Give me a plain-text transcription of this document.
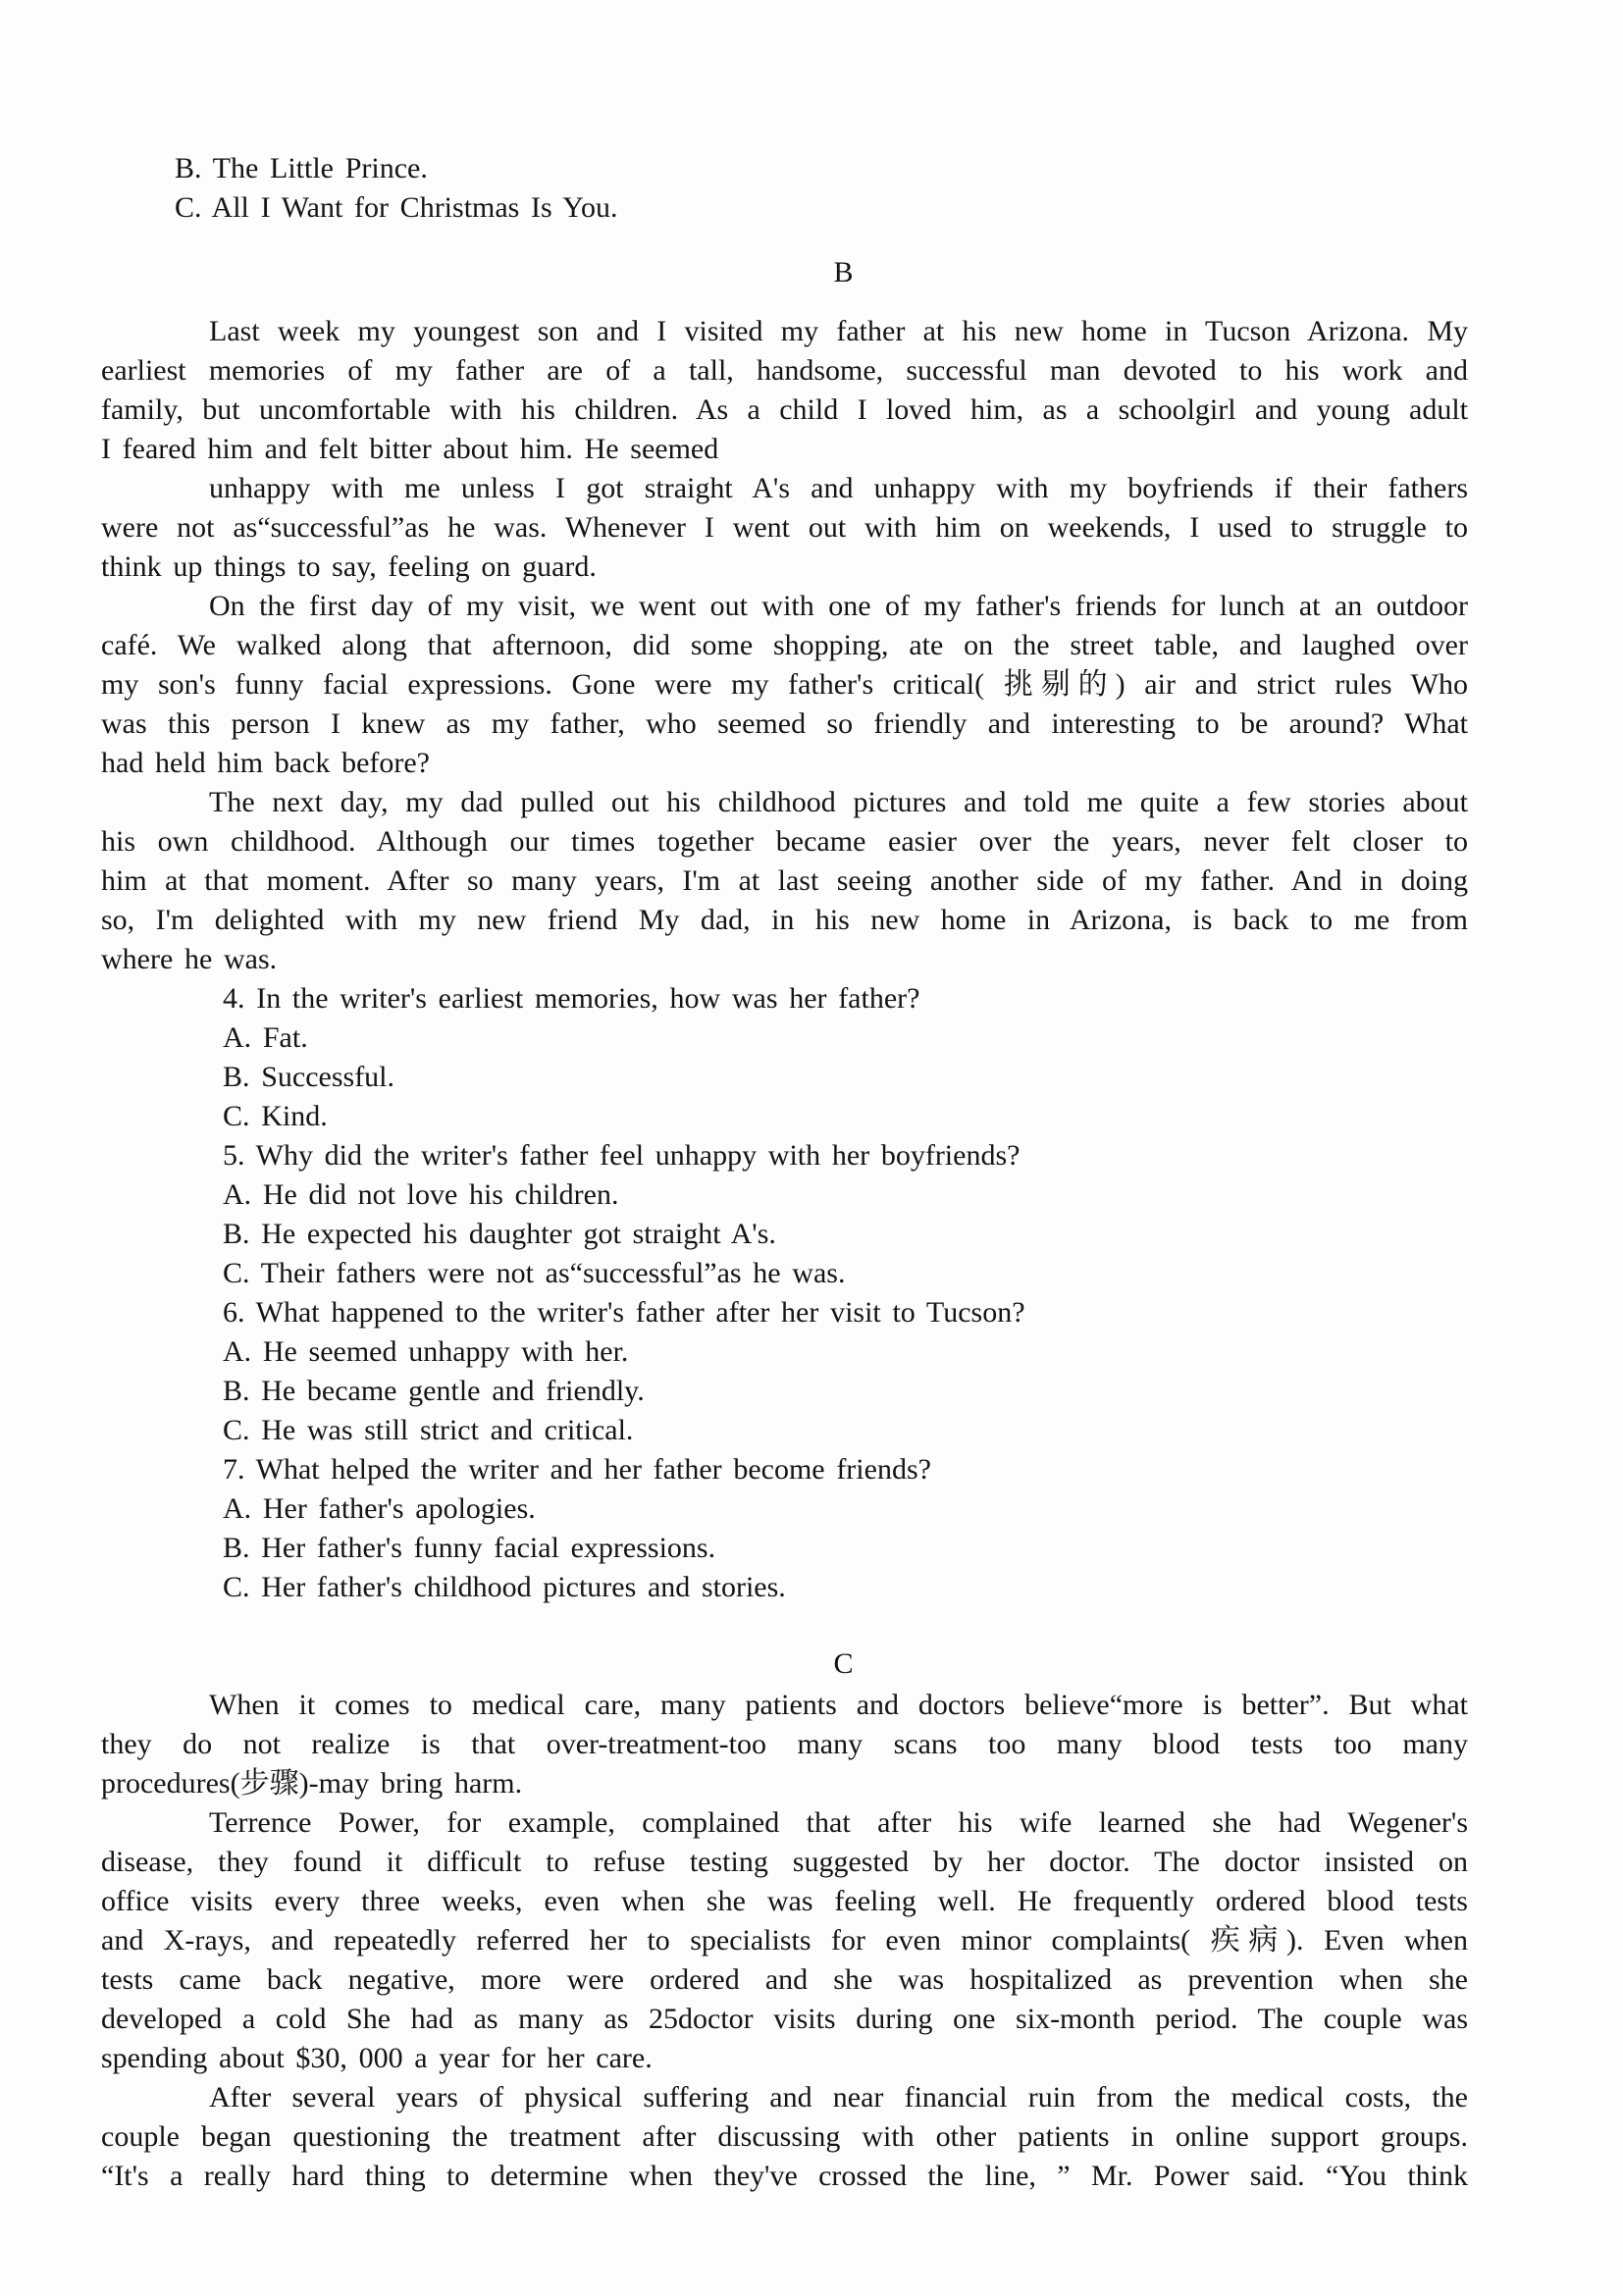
B. The Little Prince.
C. All I Want for Christmas Is You.
B
Last week my youngest son and I visited my father at his new home in Tucson Arizona. My
earliest memories of my father are of a tall, handsome, successful man devoted to his work and
family, but uncomfortable with his children. As a child I loved him, as a schoolgirl and young adult
I feared him and felt bitter about him. He seemed
unhappy with me unless I got straight A's and unhappy with my boyfriends if their fathers
were not as“successful”as he was. Whenever I went out with him on weekends, I used to struggle to
think up things to say, feeling on guard.
On the first day of my visit, we went out with one of my father's friends for lunch at an outdoor
café. We walked along that afternoon, did some shopping, ate on the street table, and laughed over
my son's funny facial expressions. Gone were my father's critical( 挑剔的) air and strict rules Who
was this person I knew as my father, who seemed so friendly and interesting to be around? What
had held him back before?
The next day, my dad pulled out his childhood pictures and told me quite a few stories about
his own childhood. Although our times together became easier over the years, never felt closer to
him at that moment. After so many years, I'm at last seeing another side of my father. And in doing
so, I'm delighted with my new friend My dad, in his new home in Arizona, is back to me from
where he was.
4. In the writer's earliest memories, how was her father?
A. Fat.
B. Successful.
C. Kind.
5. Why did the writer's father feel unhappy with her boyfriends?
A. He did not love his children.
B. He expected his daughter got straight A's.
C. Their fathers were not as“successful”as he was.
6. What happened to the writer's father after her visit to Tucson?
A. He seemed unhappy with her.
B. He became gentle and friendly.
C. He was still strict and critical.
7. What helped the writer and her father become friends?
A. Her father's apologies.
B. Her father's funny facial expressions.
C. Her father's childhood pictures and stories.
C
When it comes to medical care, many patients and doctors believe“more is better”. But what
they do not realize is that over-treatment-too many scans too many blood tests too many
procedures(步骤)-may bring harm.
Terrence Power, for example, complained that after his wife learned she had Wegener's
disease, they found it difficult to refuse testing suggested by her doctor. The doctor insisted on
office visits every three weeks, even when she was feeling well. He frequently ordered blood tests
and X-rays, and repeatedly referred her to specialists for even minor complaints( 疾病). Even when
tests came back negative, more were ordered and she was hospitalized as prevention when she
developed a cold She had as many as 25doctor visits during one six-month period. The couple was
spending about $30, 000 a year for her care.
After several years of physical suffering and near financial ruin from the medical costs, the
couple began questioning the treatment after discussing with other patients in online support groups.
“It's a really hard thing to determine when they've crossed the line, ” Mr. Power said. “You think
